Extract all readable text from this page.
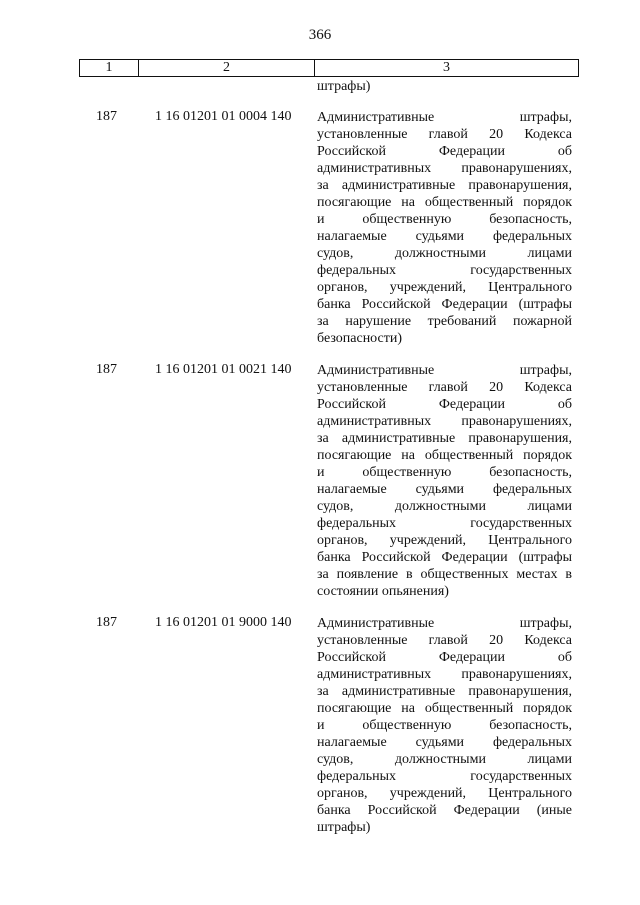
366
1	2	3
штрафы)
187	1 16 01201 01 0004 140 Административные штрафы,
установленные главой 20 Кодекса
Российской Федерации об
административных правонарушениях,
за административные правонарушения,
посягающие на общественный порядок
и общественную безопасность,
налагаемые судьями федеральных
судов, должностными лицами
федеральных государственных
органов, учреждений, Центрального
банка Российской Федерации (штрафы
за нарушение требований пожарной
безопасности)
187	1 16 01201 01 0021 140 Административные штрафы,
установленные главой 20 Кодекса
Российской Федерации об
административных правонарушениях,
за административные правонарушения,
посягающие на общественный порядок
и общественную безопасность,
налагаемые судьями федеральных
судов, должностными лицами
федеральных государственных
органов, учреждений, Центрального
банка Российской Федерации (штрафы
за появление в общественных местах в
состоянии опьянения)
187	1 16 01201 01 9000 140 Административные штрафы,
установленные главой 20 Кодекса
Российской Федерации об
административных правонарушениях,
за административные правонарушения,
посягающие на общественный порядок
и общественную безопасность,
налагаемые судьями федеральных
судов, должностными лицами
федеральных государственных
органов, учреждений, Центрального
банка Российской Федерации (иные
штрафы)
